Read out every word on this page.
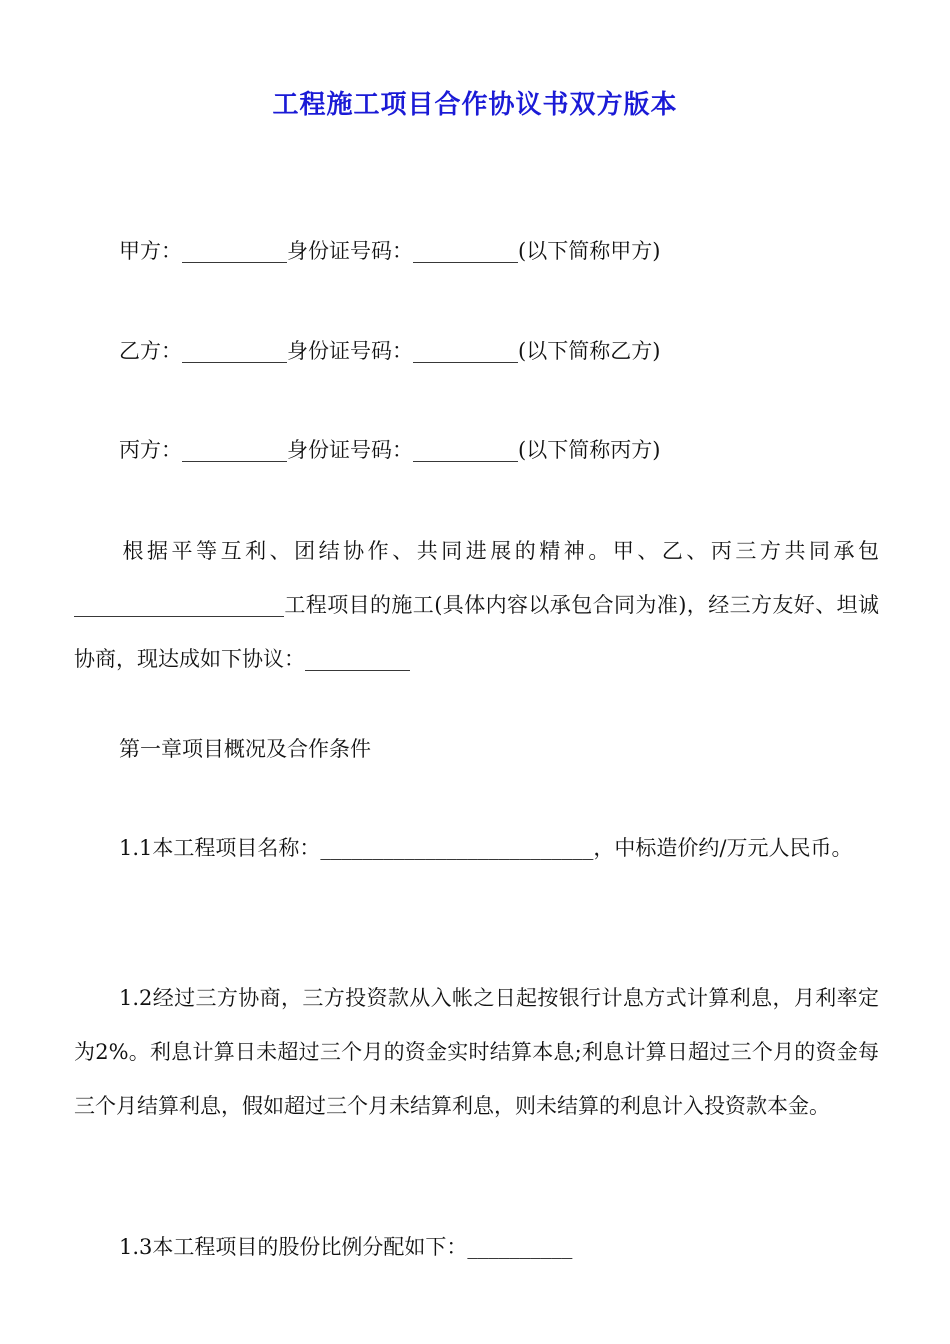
工程施工项目合作协议书双方版本
甲方：__________身份证号码：__________(以下简称甲方)
乙方：__________身份证号码：__________(以下简称乙方)
丙方：__________身份证号码：__________(以下简称丙方)
根据平等互利、团结协作、共同进展的精神。甲、乙、丙三方共同承包____________________工程项目的施工(具体内容以承包合同为准)，经三方友好、坦诚协商，现达成如下协议：__________
第一章项目概况及合作条件
1.1本工程项目名称：__________________________，中标造价约/万元人民币。
1.2经过三方协商，三方投资款从入帐之日起按银行计息方式计算利息，月利率定为2%。利息计算日未超过三个月的资金实时结算本息;利息计算日超过三个月的资金每三个月结算利息，假如超过三个月未结算利息，则未结算的利息计入投资款本金。
1.3本工程项目的股份比例分配如下：__________
